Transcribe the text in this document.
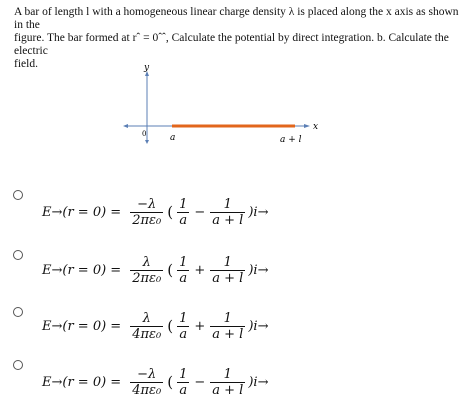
A bar of length l with a homogeneous linear charge density λ is placed along the x axis as shown in the
figure. The bar formed at rˆ = 0ˆˆ, Calculate the potential by direct integration. b. Calculate the electric
field.	y
x
0	a	a + l
$E\to(r = 0) = \frac{-\lambda}{\text{2πε₀}}$ ( $\frac{1}{a} - \frac{1}{a + l} )i\to$
$E\to(r = 0) = \frac{\lambda}{\text{2πε₀}}$ ( $\frac{1}{a} + \frac{1}{a + l} )i\to$
$E\to(r = 0) = \frac{\lambda}{\text{4πε₀}}$ ( $\frac{1}{a} + \frac{1}{a + l} )i\to$
$E\to(r = 0) = \frac{-\lambda}{\text{4πε₀}}$ ( $\frac{1}{a} - \frac{1}{a + l} )i\to$
